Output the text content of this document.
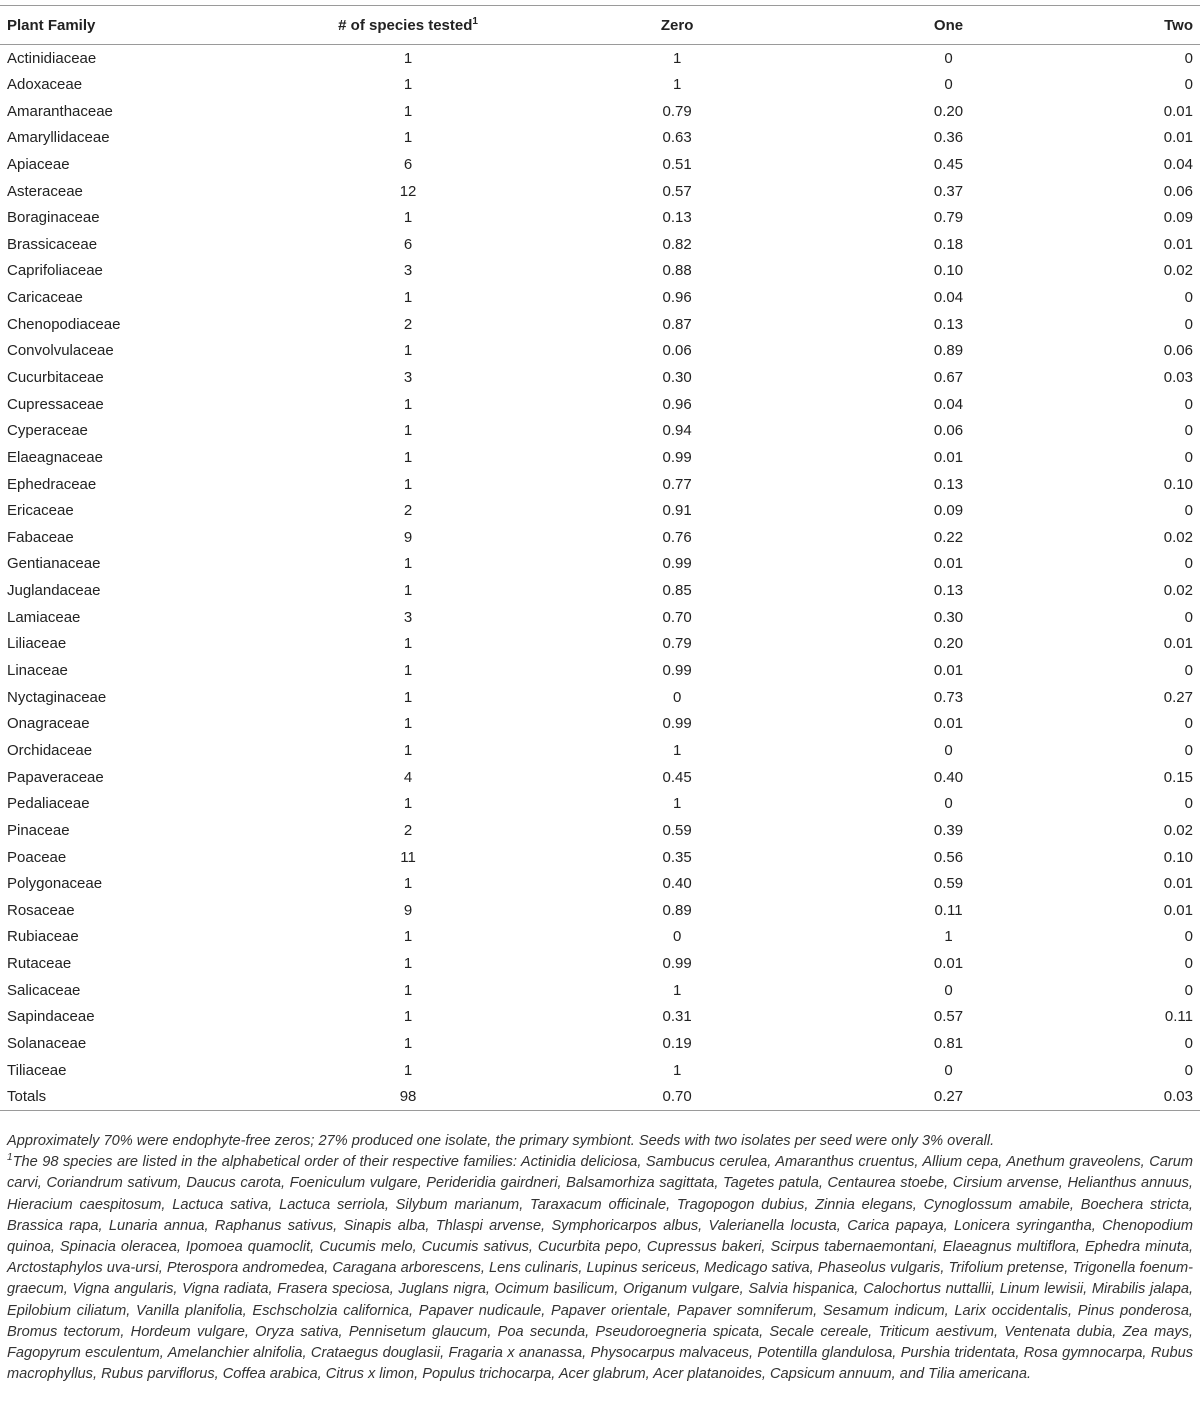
Plant Family	# of species tested$^1$	Zero	One	Two
Actinidiaceae	1	1	0	0
Adoxaceae	1	1	0	0
Amaranthaceae	1	0.79	0.20	0.01
Amaryllidaceae	1	0.63	0.36	0.01
Apiaceae	6	0.51	0.45	0.04
Asteraceae	12	0.57	0.37	0.06
Boraginaceae	1	0.13	0.79	0.09
Brassicaceae	6	0.82	0.18	0.01
Caprifoliaceae	3	0.88	0.10	0.02
Caricaceae	1	0.96	0.04	0
Chenopodiaceae	2	0.87	0.13	0
Convolvulaceae	1	0.06	0.89	0.06
Cucurbitaceae	3	0.30	0.67	0.03
Cupressaceae	1	0.96	0.04	0
Cyperaceae	1	0.94	0.06	0
Elaeagnaceae	1	0.99	0.01	0
Ephedraceae	1	0.77	0.13	0.10
Ericaceae	2	0.91	0.09	0
Fabaceae	9	0.76	0.22	0.02
Gentianaceae	1	0.99	0.01	0
Juglandaceae	1	0.85	0.13	0.02
Lamiaceae	3	0.70	0.30	0
Liliaceae	1	0.79	0.20	0.01
Linaceae	1	0.99	0.01	0
Nyctaginaceae	1	0	0.73	0.27
Onagraceae	1	0.99	0.01	0
Orchidaceae	1	1	0	0
Papaveraceae	4	0.45	0.40	0.15
Pedaliaceae	1	1	0	0
Pinaceae	2	0.59	0.39	0.02
Poaceae	11	0.35	0.56	0.10
Polygonaceae	1	0.40	0.59	0.01
Rosaceae	9	0.89	0.11	0.01
Rubiaceae	1	0	1	0
Rutaceae	1	0.99	0.01	0
Salicaceae	1	1	0	0
Sapindaceae	1	0.31	0.57	0.11
Solanaceae	1	0.19	0.81	0
Tiliaceae	1	1	0	0
Totals	98	0.70	0.27	0.03

Approximately 70% were endophyte-free zeros; 27% produced one isolate, the primary symbiont. Seeds with two isolates per seed were only 3% overall.

$^1$The 98 species are listed in the alphabetical order of their respective families: Actinidia deliciosa, Sambucus cerulea, Amaranthus cruentus, Allium cepa, Anethum graveolens, Carum carvi, Coriandrum sativum, Daucus carota, Foeniculum vulgare, Perideridia gairdneri, Balsamorhiza sagittata, Tagetes patula, Centaurea stoebe, Cirsium arvense, Helianthus annuus, Hieracium caespitosum, Lactuca sativa, Lactuca serriola, Silybum marianum, Taraxacum officinale, Tragopogon dubius, Zinnia elegans, Cynoglossum amabile, Boechera stricta, Brassica rapa, Lunaria annua, Raphanus sativus, Sinapis alba, Thlaspi arvense, Symphoricarpos albus, Valerianella locusta, Carica papaya, Lonicera syringantha, Chenopodium quinoa, Spinacia oleracea, Ipomoea quamoclit, Cucumis melo, Cucumis sativus, Cucurbita pepo, Cupressus bakeri, Scirpus tabernaemontani, Elaeagnus multiflora, Ephedra minuta, Arctostaphylos uva-ursi, Pterospora andromedea, Caragana arborescens, Lens culinaris, Lupinus sericeus, Medicago sativa, Phaseolus vulgaris, Trifolium pretense, Trigonella foenum-graecum, Vigna angularis, Vigna radiata, Frasera speciosa, Juglans nigra, Ocimum basilicum, Origanum vulgare, Salvia hispanica, Calochortus nuttallii, Linum lewisii, Mirabilis jalapa, Epilobium ciliatum, Vanilla planifolia, Eschscholzia californica, Papaver nudicaule, Papaver orientale, Papaver somniferum, Sesamum indicum, Larix occidentalis, Pinus ponderosa, Bromus tectorum, Hordeum vulgare, Oryza sativa, Pennisetum glaucum, Poa secunda, Pseudoroegneria spicata, Secale cereale, Triticum aestivum, Ventenata dubia, Zea mays, Fagopyrum esculentum, Amelanchier alnifolia, Crataegus douglasii, Fragaria x ananassa, Physocarpus malvaceus, Potentilla glandulosa, Purshia tridentata, Rosa gymnocarpa, Rubus macrophyllus, Rubus parviflorus, Coffea arabica, Citrus x limon, Populus trichocarpa, Acer glabrum, Acer platanoides, Capsicum annuum, and Tilia americana.
